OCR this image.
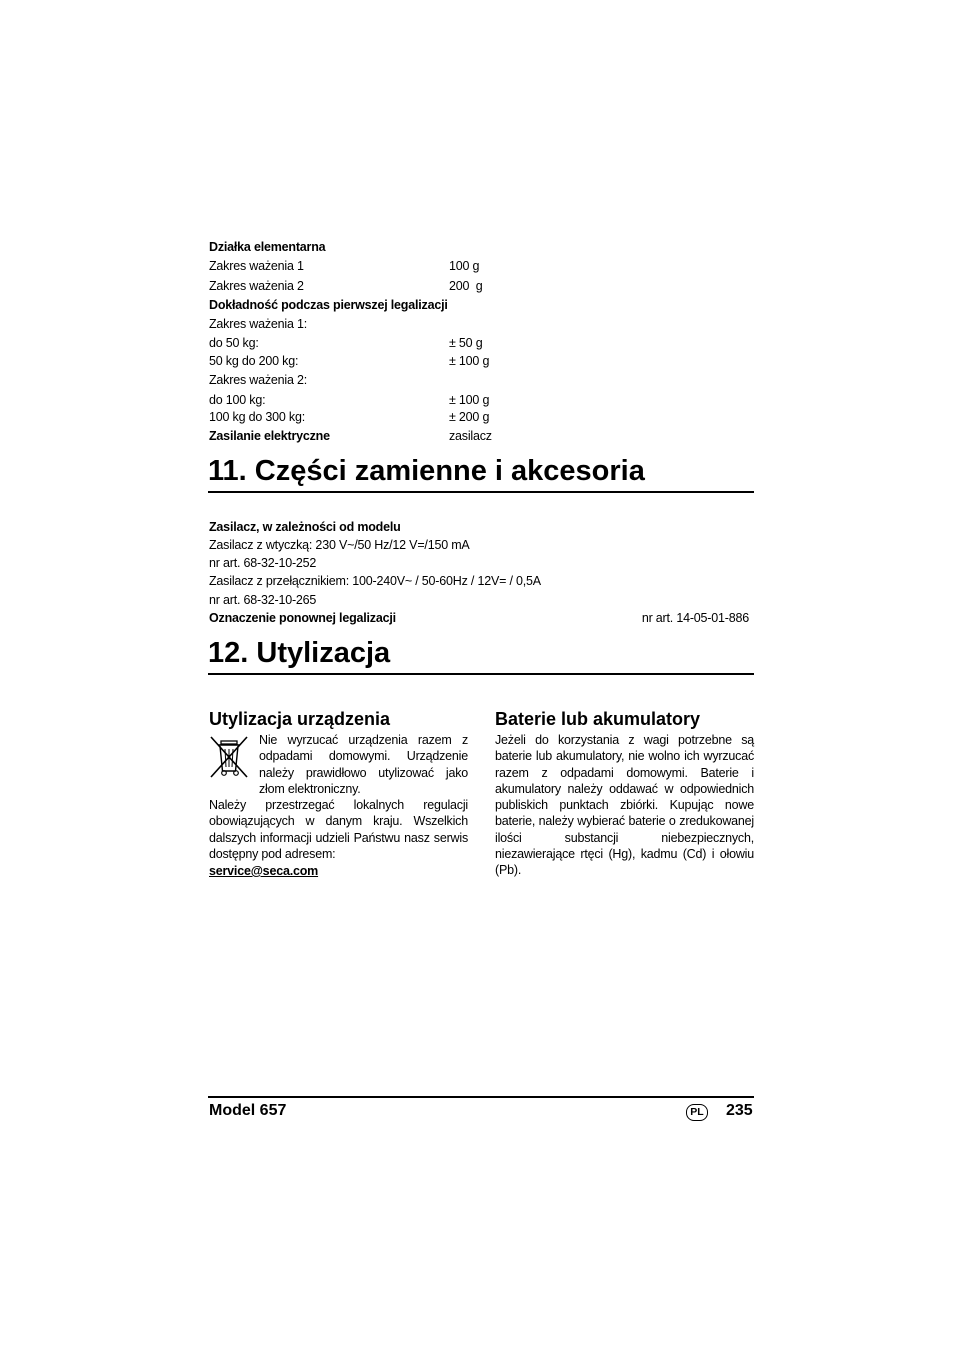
Działka elementarna
Zakres ważenia 1	100 g
Zakres ważenia 2	200  g
Dokładność podczas pierwszej legalizacji
Zakres ważenia 1:
do 50 kg:	± 50 g
50 kg do 200 kg:	± 100 g
Zakres ważenia 2:
do 100 kg:	± 100 g
100 kg do 300 kg:	± 200 g
Zasilanie elektryczne	zasilacz
11. Części zamienne i akcesoria
Zasilacz, w zależności od modelu
Zasilacz z wtyczką: 230 V~/50 Hz/12 V=/150 mA
nr art. 68-32-10-252
Zasilacz z przełącznikiem: 100-240V~ / 50-60Hz / 12V= / 0,5A
nr art. 68-32-10-265
Oznaczenie ponownej legalizacji	nr art. 14-05-01-886
12. Utylizacja
Utylizacja urządzenia
Nie wyrzucać urządzenia razem z odpadami domowymi. Urządzenie należy prawidłowo utylizować jako złom elektroniczny.
Należy przestrzegać lokalnych regulacji obowiązujących w danym kraju. Wszelkich dalszych informacji udzieli Państwu nasz serwis dostępny pod adresem:
service@seca.com
Baterie lub akumulatory
Jeżeli do korzystania z wagi potrzebne są baterie lub akumulatory, nie wolno ich wyrzucać razem z odpadami domowymi. Baterie i akumulatory należy oddawać w odpowiednich publiskich punktach zbiórki. Kupując nowe baterie, należy wybierać baterie o zredukowanej ilości substancji niebezpiecznych, niezawierające rtęci (Hg), kadmu (Cd) i ołowiu (Pb).
Model 657	PL 235
